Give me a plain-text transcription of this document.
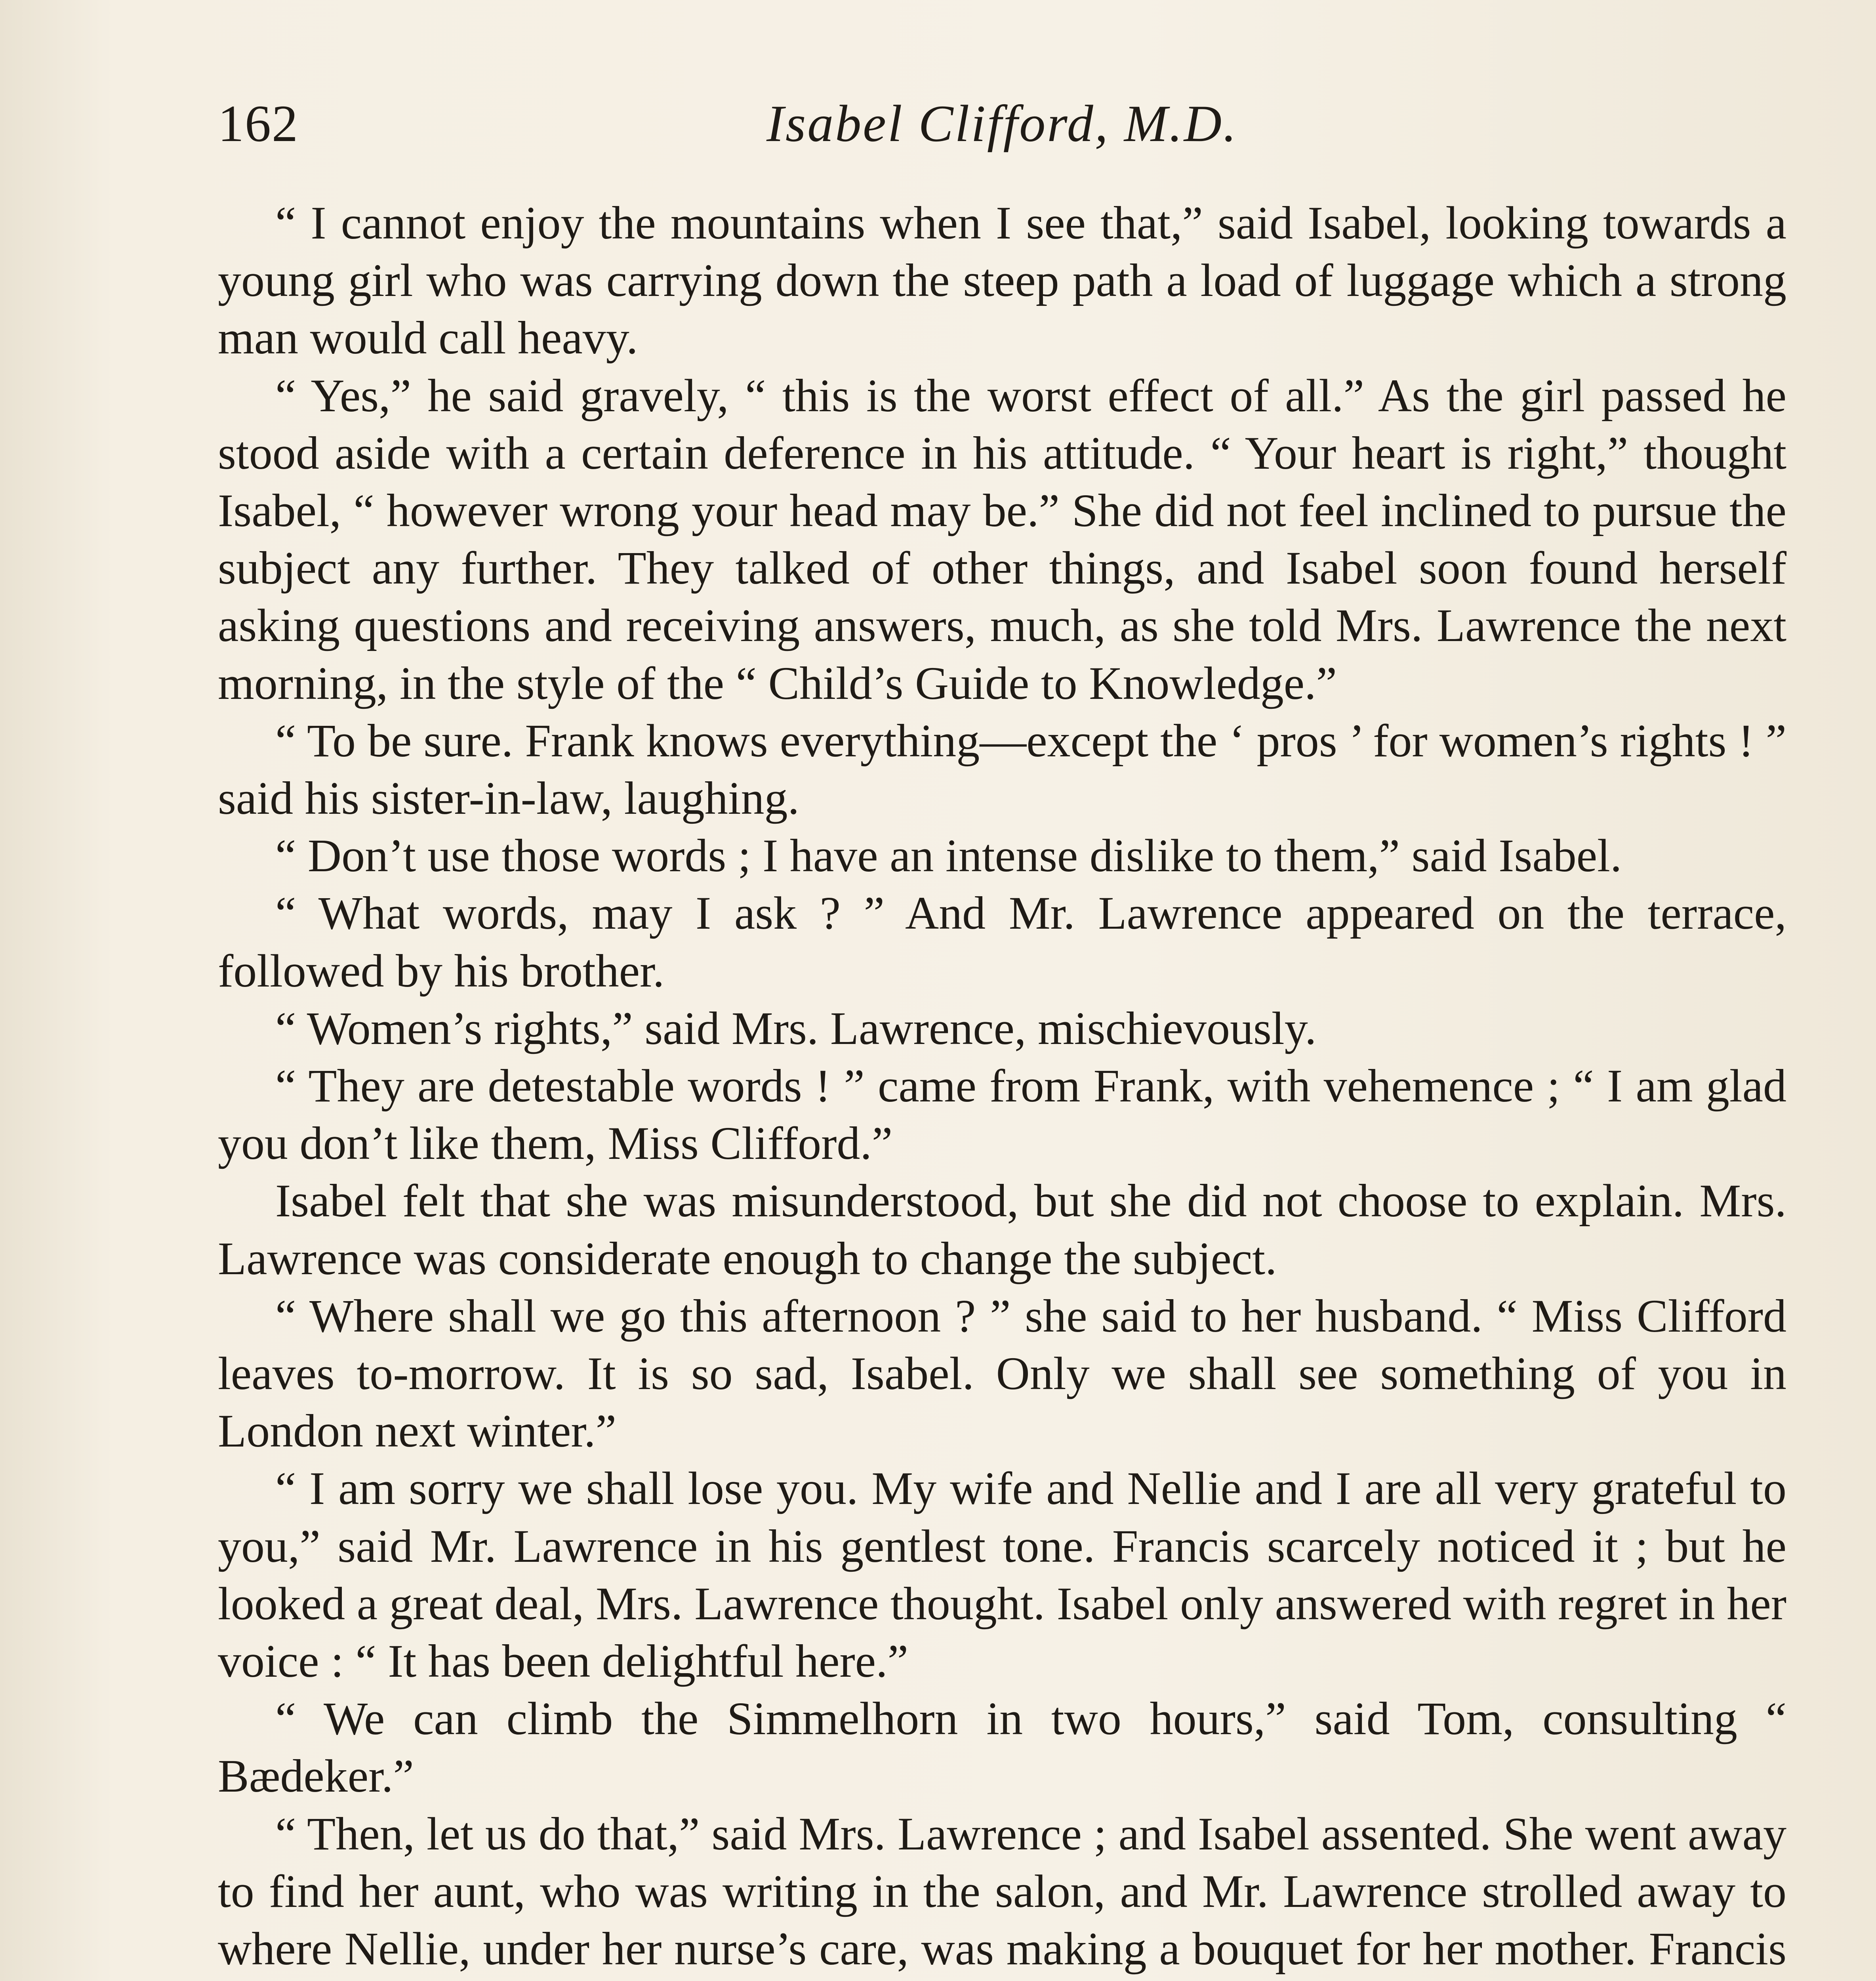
162	Isabel Clifford, M.D.

“ I cannot enjoy the mountains when I see that,” said Isabel, looking towards a young girl who was carrying down the steep path a load of luggage which a strong man would call heavy.

“ Yes,” he said gravely, “ this is the worst effect of all.” As the girl passed he stood aside with a certain deference in his attitude. “ Your heart is right,” thought Isabel, “ however wrong your head may be.” She did not feel inclined to pursue the subject any further. They talked of other things, and Isabel soon found herself asking questions and receiving answers, much, as she told Mrs. Lawrence the next morning, in the style of the “ Child’s Guide to Knowledge.”

“ To be sure. Frank knows everything—except the ‘ pros ’ for women’s rights ! ” said his sister-in-law, laughing.

“ Don’t use those words ; I have an intense dislike to them,” said Isabel.

“ What words, may I ask ? ” And Mr. Lawrence appeared on the terrace, followed by his brother.

“ Women’s rights,” said Mrs. Lawrence, mischievously.

“ They are detestable words ! ” came from Frank, with vehemence ; “ I am glad you don’t like them, Miss Clifford.”

Isabel felt that she was misunderstood, but she did not choose to explain. Mrs. Lawrence was considerate enough to change the subject.

“ Where shall we go this afternoon ? ” she said to her husband. “ Miss Clifford leaves to-morrow. It is so sad, Isabel. Only we shall see something of you in London next winter.”

“ I am sorry we shall lose you. My wife and Nellie and I are all very grateful to you,” said Mr. Lawrence in his gentlest tone. Francis scarcely noticed it ; but he looked a great deal, Mrs. Lawrence thought. Isabel only answered with regret in her voice : “ It has been delightful here.”

“ We can climb the Simmelhorn in two hours,” said Tom, consulting “ Bædeker.”

“ Then, let us do that,” said Mrs. Lawrence ; and Isabel assented. She went away to find her aunt, who was writing in the salon, and Mr. Lawrence strolled away to where Nellie, under her nurse’s care, was making a bouquet for her mother. Francis
